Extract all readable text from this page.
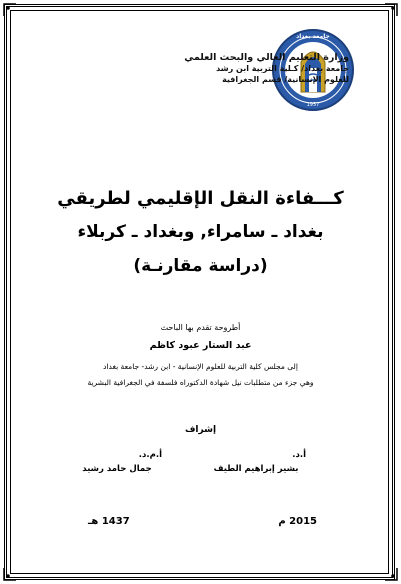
1957
جامعة بغداد
وزارة التعليم العالي والبحث العلمي
جامعة بغداد/ كـلية التربية ابن رشد
للعلوم الإنسانية/ قسم الجغرافية
كـــفاءة النقل الإقليمي لطريقي
بغداد ـ سامراء, وبغداد ـ كربلاء
(دراسة مقارنـة)
أطروحة تقدم بها الباحث
عبد الستار عبود كاظم
إلى مجلس كلية التربية للعلوم الإنسانية - ابن رشد- جامعة بغداد
وهي جزء من متطلبات نيل شهادة الدكتوراه فلسفة في الجغرافية البشرية
إشراف
أ.د.
بشير إبراهيم الطيف
أ.م.د.
جمال حامد رشيد
2015 م
1437 هـ
